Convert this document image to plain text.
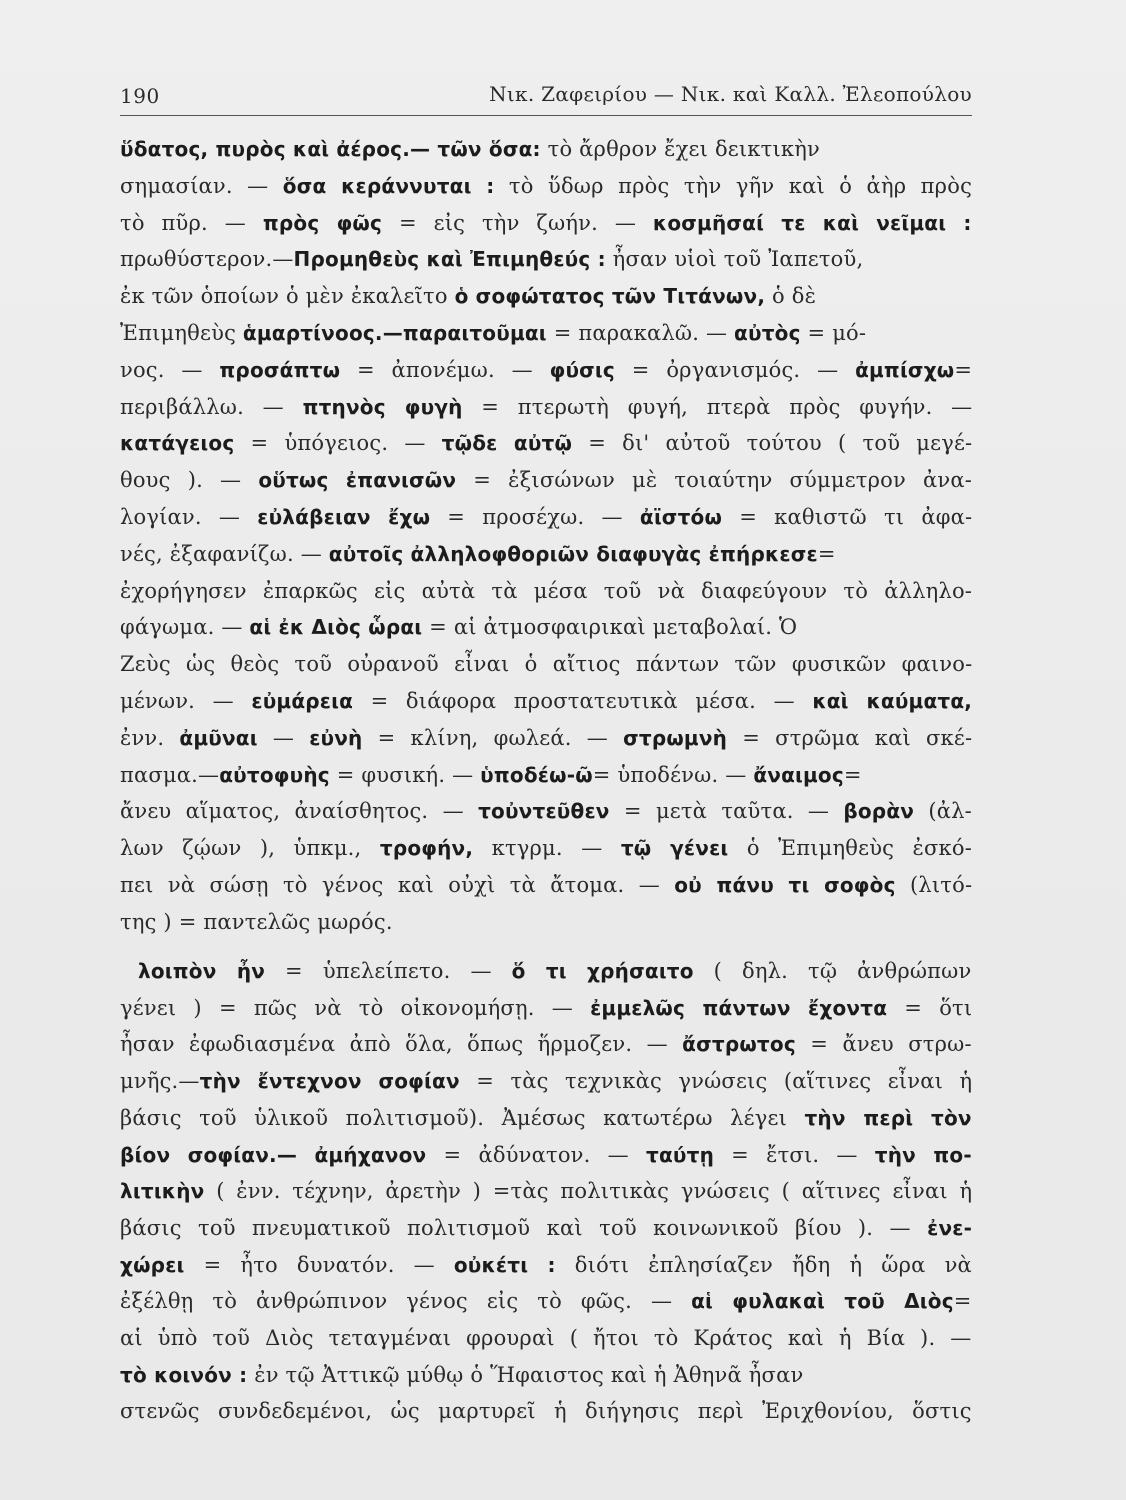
190	Νικ. Ζαφειρίου — Νικ. καὶ Καλλ. Ἐλεοπούλου
ὕδατος, πυρὸς καὶ ἀέρος.— τῶν ὅσα: τὸ ἄρθρον ἔχει δεικτικὴν
σημασίαν. — ὅσα κεράννυται : τὸ ὕδωρ πρὸς τὴν γῆν καὶ ὁ ἀὴρ πρὸς
τὸ πῦρ. — πρὸς φῶς = εἰς τὴν ζωήν. — κοσμῆσαί τε καὶ νεῖμαι :
πρωθύστερον.—Προμηθεὺς καὶ Ἐπιμηθεύς : ἦσαν υἱοὶ τοῦ Ἰαπετοῦ,
ἐκ τῶν ὁποίων ὁ μὲν ἐκαλεῖτο ὁ σοφώτατος τῶν Τιτάνων, ὁ δὲ
Ἐπιμηθεὺς ἁμαρτίνοος.—παραιτοῦμαι = παρακαλῶ. — αὐτὸς = μό-
νος. — προσάπτω = ἀπονέμω. — φύσις = ὀργανισμός. — ἀμπίσχω=
περιβάλλω. — πτηνὸς φυγὴ = πτερωτὴ φυγή, πτερὰ πρὸς φυγήν. —
κατάγειος = ὑπόγειος. — τῷδε αὐτῷ = δι' αὐτοῦ τούτου ( τοῦ μεγέ-
θους ). — οὕτως ἐπανισῶν = ἐξισώνων μὲ τοιαύτην σύμμετρον ἀνα-
λογίαν. — εὐλάβειαν ἔχω = προσέχω. — ἀϊστόω = καθιστῶ τι ἀφα-
νές, ἐξαφανίζω. — αὐτοῖς ἀλληλοφθοριῶν διαφυγὰς ἐπήρκεσε=
ἐχορήγησεν ἐπαρκῶς εἰς αὐτὰ τὰ μέσα τοῦ νὰ διαφεύγουν τὸ ἀλληλο-
φάγωμα. — αἱ ἐκ Διὸς ὧραι = αἱ ἀτμοσφαιρικαὶ μεταβολαί. Ὁ
Ζεὺς ὡς θεὸς τοῦ οὐρανοῦ εἶναι ὁ αἴτιος πάντων τῶν φυσικῶν φαινο-
μένων. — εὐμάρεια = διάφορα προστατευτικὰ μέσα. — καὶ καύματα,
ἐνν. ἀμῦναι — εὐνὴ = κλίνη, φωλεά. — στρωμνὴ = στρῶμα καὶ σκέ-
πασμα.—αὐτοφυὴς = φυσική. — ὑποδέω-ῶ= ὑποδένω. — ἄναιμος=
ἄνευ αἵματος, ἀναίσθητος. — τοὐντεῦθεν = μετὰ ταῦτα. — βορὰν (ἀλ-
λων ζῴων ), ὑπκμ., τροφήν, κτγρμ. — τῷ γένει ὁ Ἐπιμηθεὺς ἐσκό-
πει νὰ σώσῃ τὸ γένος καὶ οὐχὶ τὰ ἄτομα. — οὐ πάνυ τι σοφὸς (λιτό-
της ) = παντελῶς μωρός.
λοιπὸν ἦν = ὑπελείπετο. — ὅ τι χρήσαιτο ( δηλ. τῷ ἀνθρώπων
γένει ) = πῶς νὰ τὸ οἰκονομήσῃ. — ἐμμελῶς πάντων ἔχοντα = ὅτι
ἦσαν ἐφωδιασμένα ἀπὸ ὅλα, ὅπως ἥρμοζεν. — ἄστρωτος = ἄνευ στρω-
μνῆς.—τὴν ἔντεχνον σοφίαν = τὰς τεχνικὰς γνώσεις (αἵτινες εἶναι ἡ
βάσις τοῦ ὑλικοῦ πολιτισμοῦ). Ἀμέσως κατωτέρω λέγει τὴν περὶ τὸν
βίον σοφίαν.— ἀμήχανον = ἀδύνατον. — ταύτῃ = ἔτσι. — τὴν πο-
λιτικὴν ( ἐνν. τέχνην, ἀρετὴν ) =τὰς πολιτικὰς γνώσεις ( αἵτινες εἶναι ἡ
βάσις τοῦ πνευματικοῦ πολιτισμοῦ καὶ τοῦ κοινωνικοῦ βίου ). — ἐνε-
χώρει = ἦτο δυνατόν. — οὐκέτι : διότι ἐπλησίαζεν ἤδη ἡ ὥρα νὰ
ἐξέλθῃ τὸ ἀνθρώπινον γένος εἰς τὸ φῶς. — αἱ φυλακαὶ τοῦ Διὸς=
αἱ ὑπὸ τοῦ Διὸς τεταγμέναι φρουραὶ ( ἤτοι τὸ Κράτος καὶ ἡ Βία ). —
τὸ κοινόν : ἐν τῷ Ἀττικῷ μύθῳ ὁ Ἥφαιστος καὶ ἡ Ἀθηνᾶ ἦσαν
στενῶς συνδεδεμένοι, ὡς μαρτυρεῖ ἡ διήγησις περὶ Ἐριχθονίου, ὅστις
